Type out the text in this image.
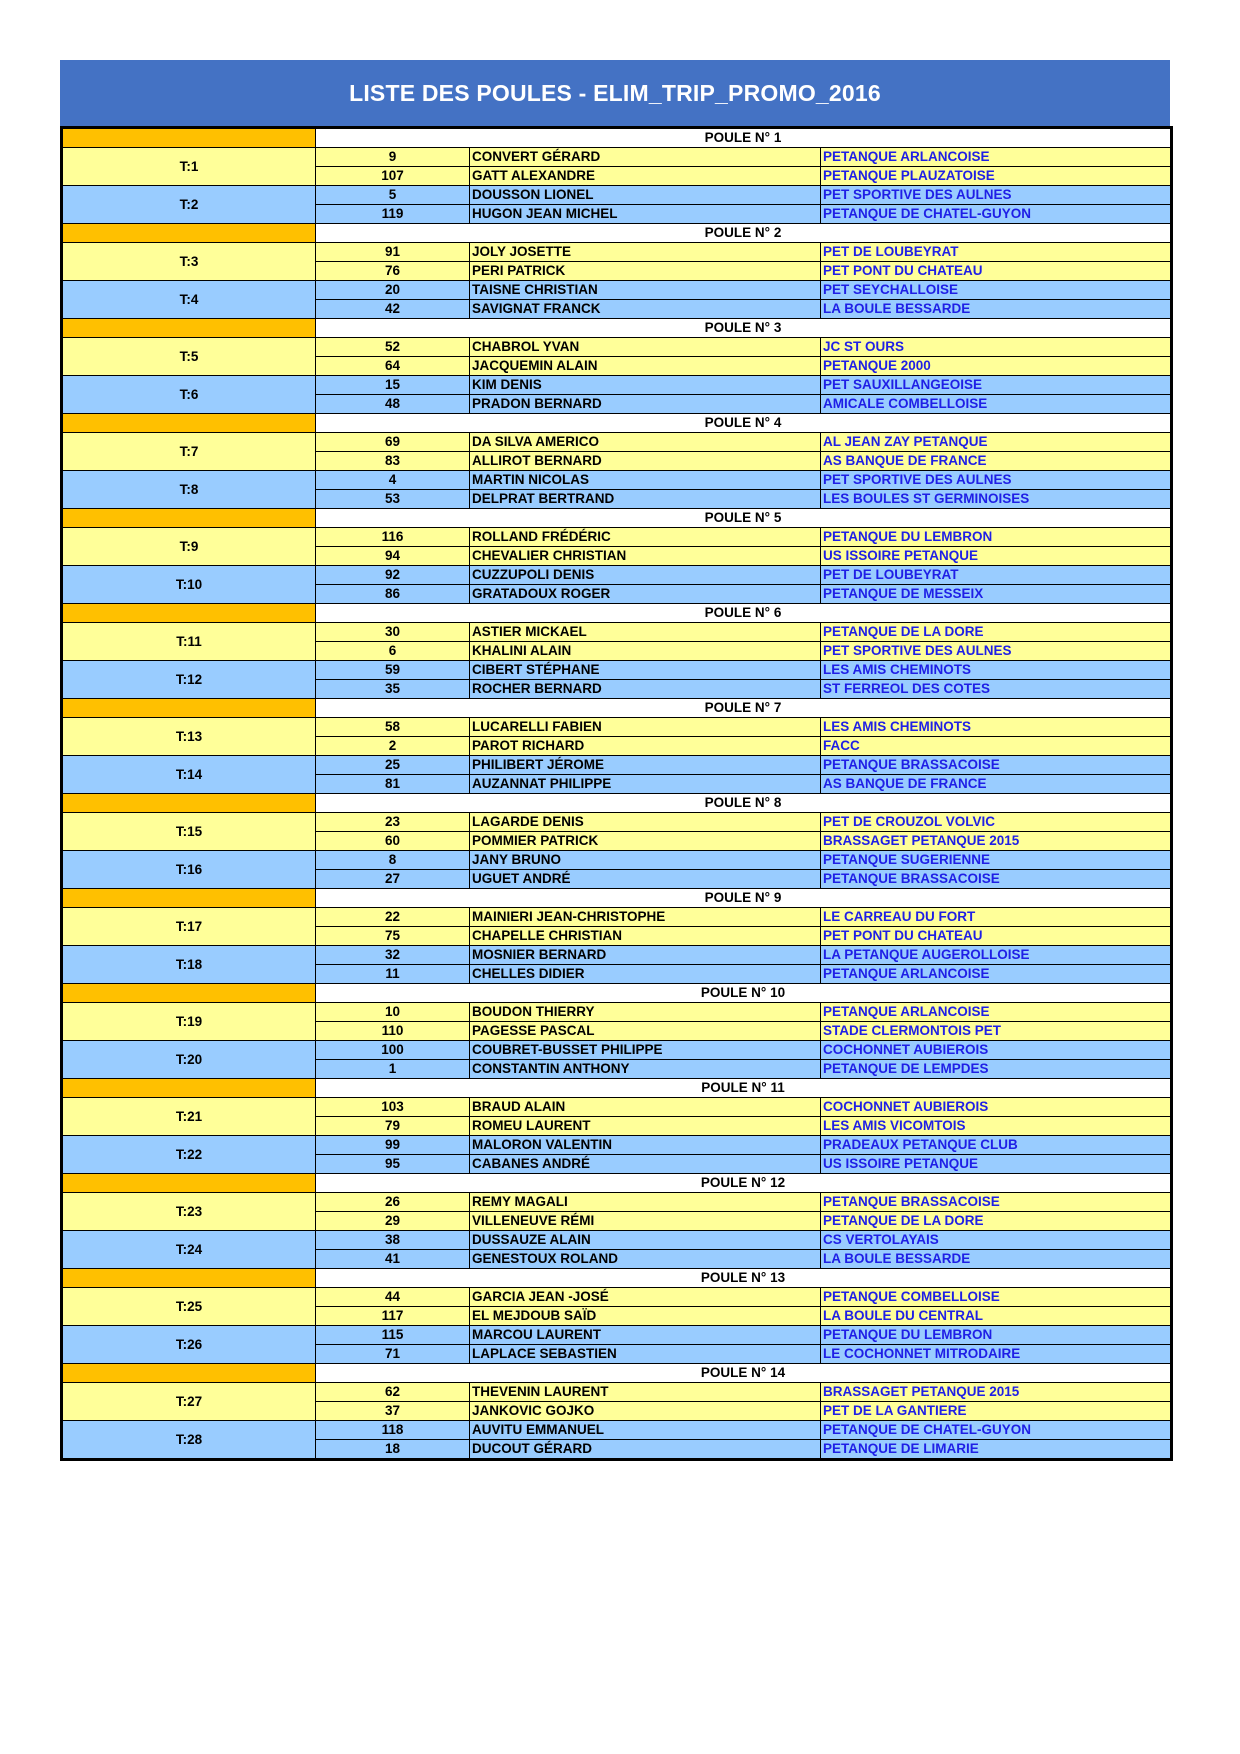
LISTE DES POULES - ELIM_TRIP_PROMO_2016
	POULE N° 1		
T:1	9	CONVERT GÉRARD	PETANQUE ARLANCOISE
	107	GATT ALEXANDRE	PETANQUE PLAUZATOISE
T:2	5	DOUSSON LIONEL	PET SPORTIVE DES AULNES
	119	HUGON JEAN MICHEL	PETANQUE DE CHATEL-GUYON
	POULE N° 2		
T:3	91	JOLY JOSETTE	PET DE LOUBEYRAT
	76	PERI PATRICK	PET PONT DU CHATEAU
T:4	20	TAISNE CHRISTIAN	PET SEYCHALLOISE
	42	SAVIGNAT FRANCK	LA BOULE BESSARDE
	POULE N° 3		
T:5	52	CHABROL YVAN	JC ST OURS
	64	JACQUEMIN ALAIN	PETANQUE 2000
T:6	15	KIM DENIS	PET SAUXILLANGEOISE
	48	PRADON BERNARD	AMICALE COMBELLOISE
	POULE N° 4		
T:7	69	DA SILVA AMERICO	AL JEAN ZAY PETANQUE
	83	ALLIROT BERNARD	AS BANQUE DE FRANCE
T:8	4	MARTIN NICOLAS	PET SPORTIVE DES AULNES
	53	DELPRAT BERTRAND	LES BOULES ST GERMINOISES
	POULE N° 5		
T:9	116	ROLLAND FRÉDÉRIC	PETANQUE DU LEMBRON
	94	CHEVALIER CHRISTIAN	US ISSOIRE PETANQUE
T:10	92	CUZZUPOLI DENIS	PET DE LOUBEYRAT
	86	GRATADOUX ROGER	PETANQUE DE MESSEIX
	POULE N° 6		
T:11	30	ASTIER MICKAEL	PETANQUE DE LA DORE
	6	KHALINI ALAIN	PET SPORTIVE DES AULNES
T:12	59	CIBERT STÉPHANE	LES AMIS CHEMINOTS
	35	ROCHER BERNARD	ST FERREOL DES COTES
	POULE N° 7		
T:13	58	LUCARELLI FABIEN	LES AMIS CHEMINOTS
	2	PAROT RICHARD	FACC
T:14	25	PHILIBERT JÉROME	PETANQUE BRASSACOISE
	81	AUZANNAT PHILIPPE	AS BANQUE DE FRANCE
	POULE N° 8		
T:15	23	LAGARDE DENIS	PET DE CROUZOL VOLVIC
	60	POMMIER PATRICK	BRASSAGET PETANQUE 2015
T:16	8	JANY BRUNO	PETANQUE SUGERIENNE
	27	UGUET ANDRÉ	PETANQUE BRASSACOISE
	POULE N° 9		
T:17	22	MAINIERI JEAN-CHRISTOPHE	LE CARREAU DU FORT
	75	CHAPELLE CHRISTIAN	PET PONT DU CHATEAU
T:18	32	MOSNIER BERNARD	LA PETANQUE AUGEROLLOISE
	11	CHELLES DIDIER	PETANQUE ARLANCOISE
	POULE N° 10		
T:19	10	BOUDON THIERRY	PETANQUE ARLANCOISE
	110	PAGESSE PASCAL	STADE CLERMONTOIS PET
T:20	100	COUBRET-BUSSET PHILIPPE	COCHONNET AUBIEROIS
	1	CONSTANTIN ANTHONY	PETANQUE DE LEMPDES
	POULE N° 11		
T:21	103	BRAUD ALAIN	COCHONNET AUBIEROIS
	79	ROMEU LAURENT	LES AMIS VICOMTOIS
T:22	99	MALORON VALENTIN	PRADEAUX PETANQUE CLUB
	95	CABANES ANDRÉ	US ISSOIRE PETANQUE
	POULE N° 12		
T:23	26	REMY MAGALI	PETANQUE BRASSACOISE
	29	VILLENEUVE RÉMI	PETANQUE DE LA DORE
T:24	38	DUSSAUZE ALAIN	CS VERTOLAYAIS
	41	GENESTOUX ROLAND	LA BOULE BESSARDE
	POULE N° 13		
T:25	44	GARCIA JEAN -JOSÉ	PETANQUE COMBELLOISE
	117	EL MEJDOUB SAÏD	LA BOULE DU CENTRAL
T:26	115	MARCOU LAURENT	PETANQUE DU LEMBRON
	71	LAPLACE SEBASTIEN	LE COCHONNET MITRODAIRE
	POULE N° 14		
T:27	62	THEVENIN LAURENT	BRASSAGET PETANQUE 2015
	37	JANKOVIC GOJKO	PET DE LA GANTIERE
T:28	118	AUVITU EMMANUEL	PETANQUE DE CHATEL-GUYON
	18	DUCOUT GÉRARD	PETANQUE DE LIMARIE
